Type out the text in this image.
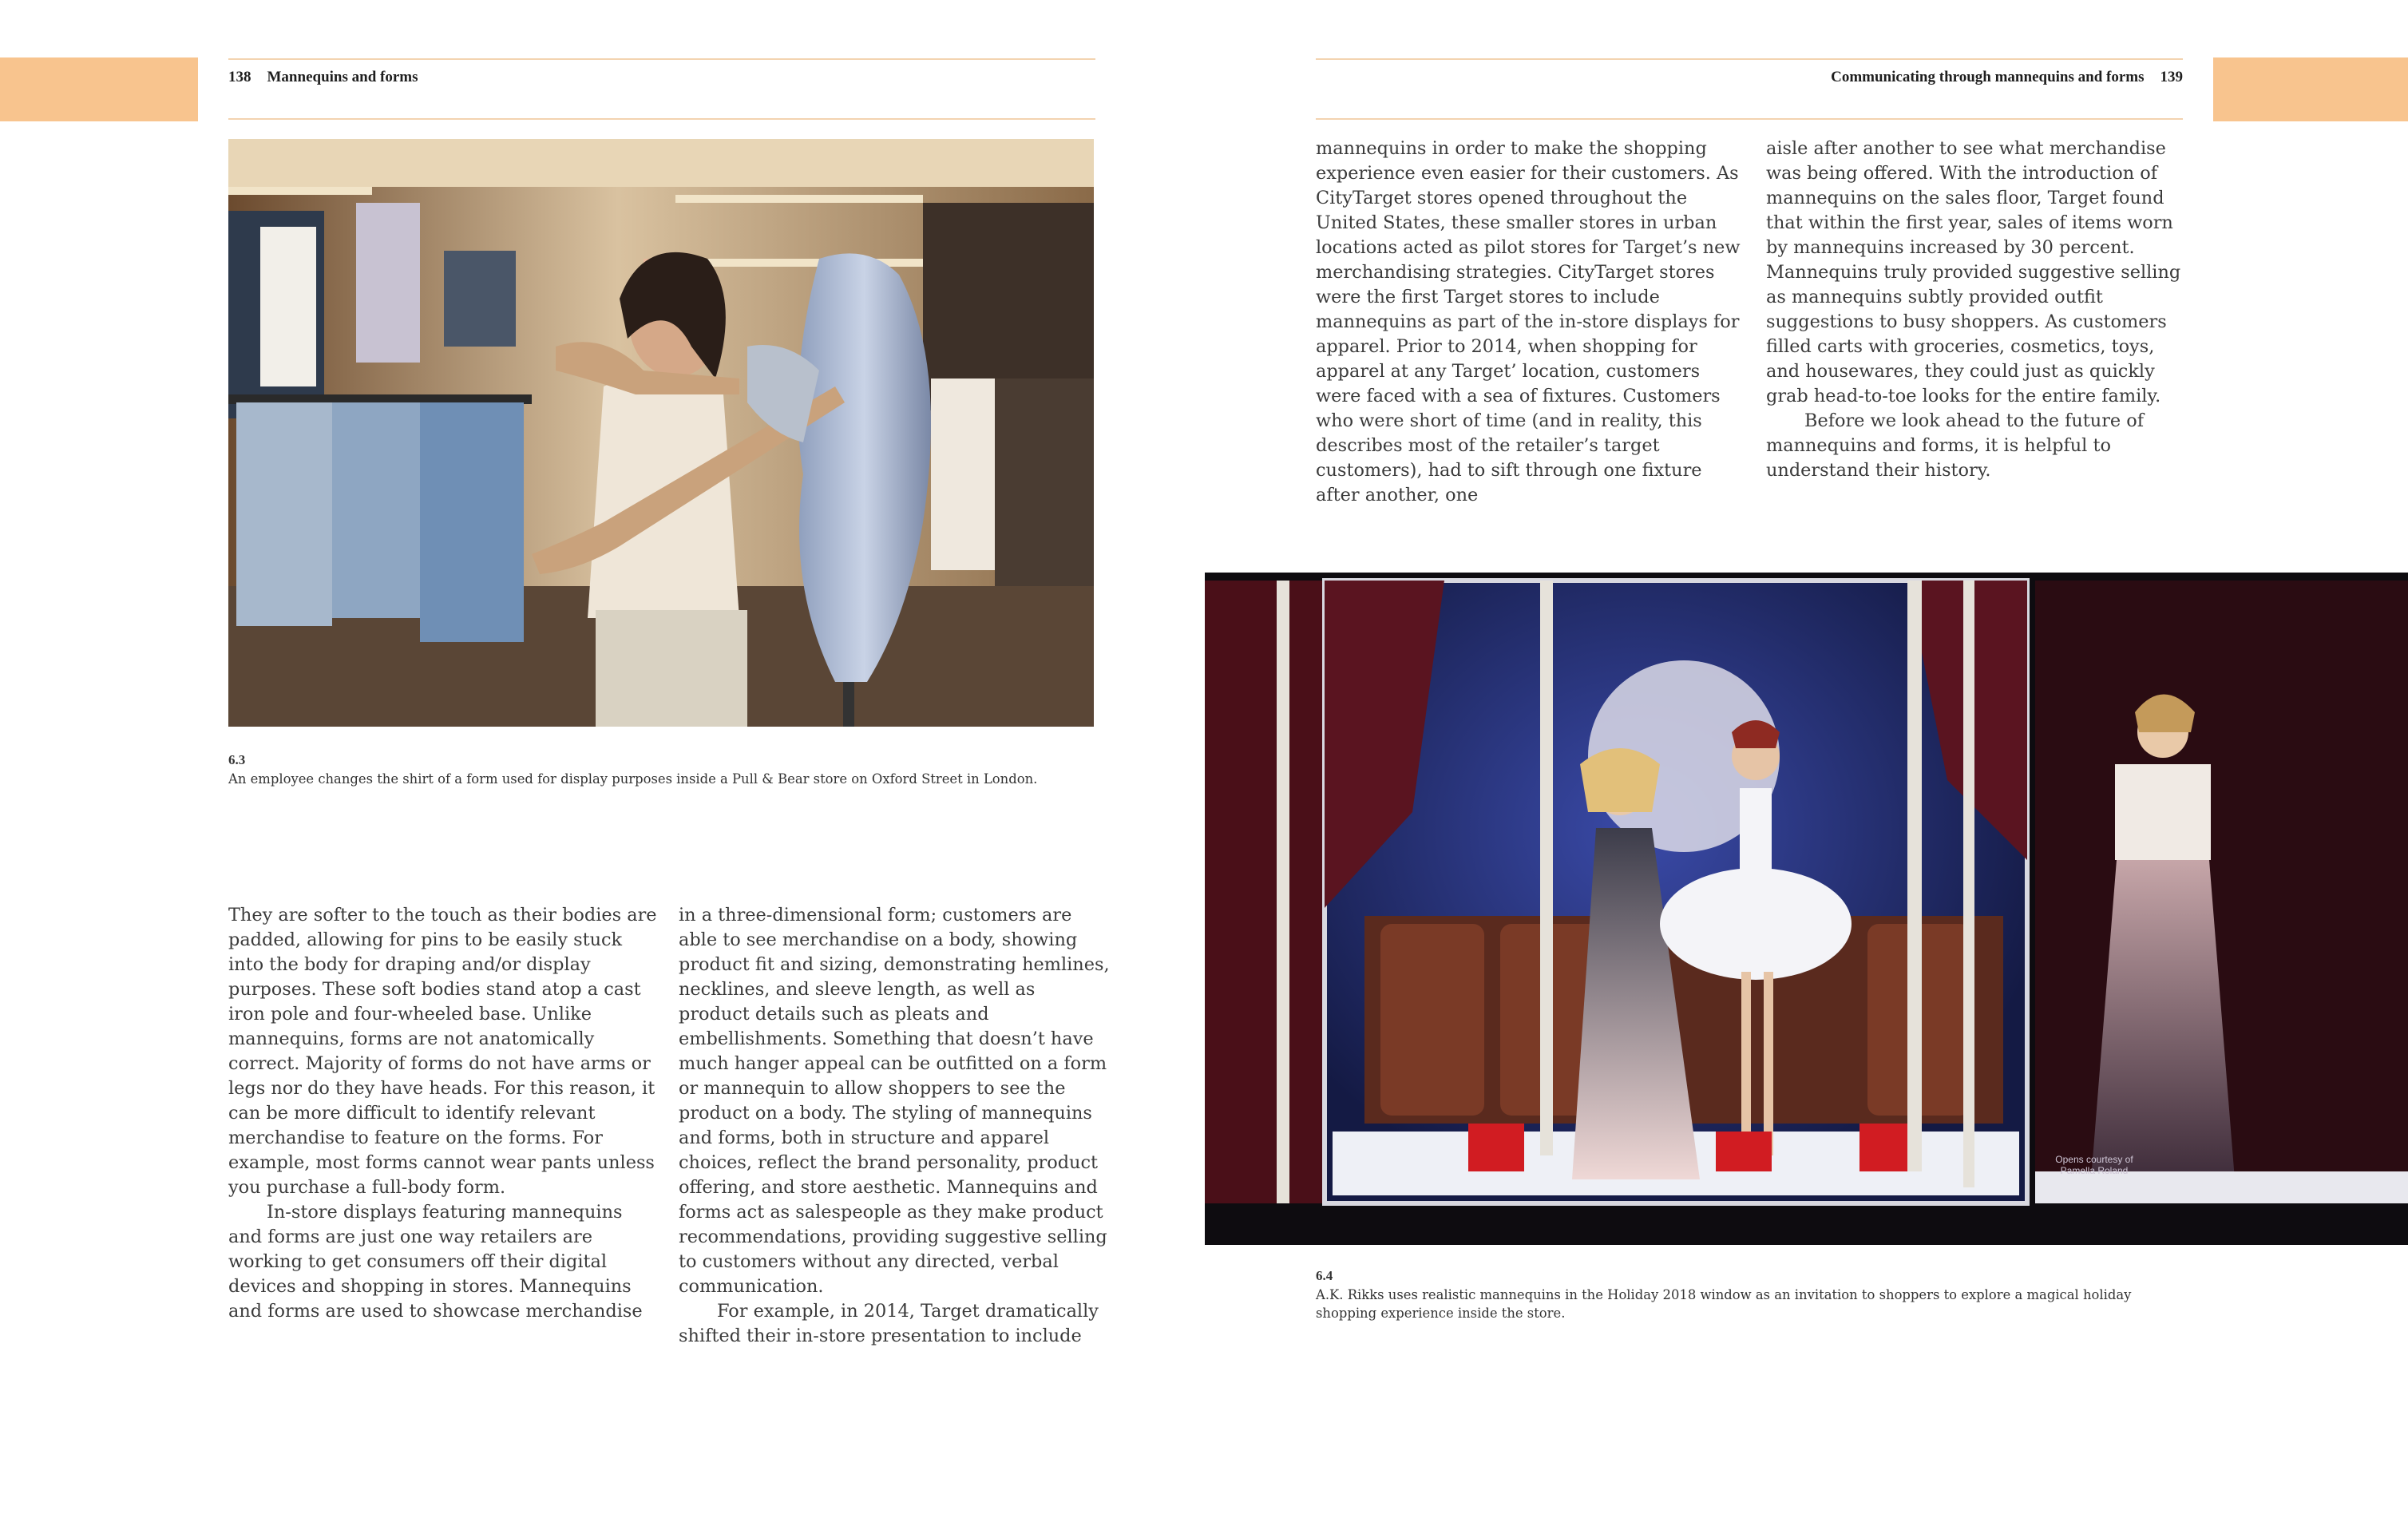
138 Mannequins and forms	Communicating through mannequins and forms 139
6.3
An employee changes the shirt of a form used for display purposes inside a Pull & Bear store on Oxford Street in London.

They are softer to the touch as their bodies are padded, allowing for pins to be easily stuck into the body for draping and/or display purposes. These soft bodies stand atop a cast iron pole and four-wheeled base. Unlike mannequins, forms are not anatomically correct. Majority of forms do not have arms or legs nor do they have heads. For this reason, it can be more difficult to identify relevant merchandise to feature on the forms. For example, most forms cannot wear pants unless you purchase a full-body form.

In-store displays featuring mannequins and forms are just one way retailers are working to get consumers off their digital devices and shopping in stores. Mannequins and forms are used to showcase merchandise

in a three-dimensional form; customers are able to see merchandise on a body, showing product fit and sizing, demonstrating hemlines, necklines, and sleeve length, as well as product details such as pleats and embellishments. Something that doesn’t have much hanger appeal can be outfitted on a form or mannequin to allow shoppers to see the product on a body. The styling of mannequins and forms, both in structure and apparel choices, reflect the brand personality, product offering, and store aesthetic. Mannequins and forms act as salespeople as they make product recommendations, providing suggestive selling to customers without any directed, verbal communication.

For example, in 2014, Target dramatically shifted their in-store presentation to include

mannequins in order to make the shopping experience even easier for their customers. As CityTarget stores opened throughout the United States, these smaller stores in urban locations acted as pilot stores for Target’s new merchandising strategies. CityTarget stores were the first Target stores to include mannequins as part of the in-store displays for apparel. Prior to 2014, when shopping for apparel at any Target’ location, customers were faced with a sea of fixtures. Customers who were short of time (and in reality, this describes most of the retailer’s target customers), had to sift through one fixture after another, one

aisle after another to see what merchandise was being offered. With the introduction of mannequins on the sales floor, Target found that within the first year, sales of items worn by mannequins increased by 30 percent. Mannequins truly provided suggestive selling as mannequins subtly provided outfit suggestions to busy shoppers. As customers filled carts with groceries, cosmetics, toys, and housewares, they could just as quickly grab head-to-toe looks for the entire family.

Before we look ahead to the future of mannequins and forms, it is helpful to understand their history.

Opens courtesy of
Pamella Roland
6.4
A.K. Rikks uses realistic mannequins in the Holiday 2018 window as an invitation to shoppers to explore a magical holiday shopping experience inside the store.
